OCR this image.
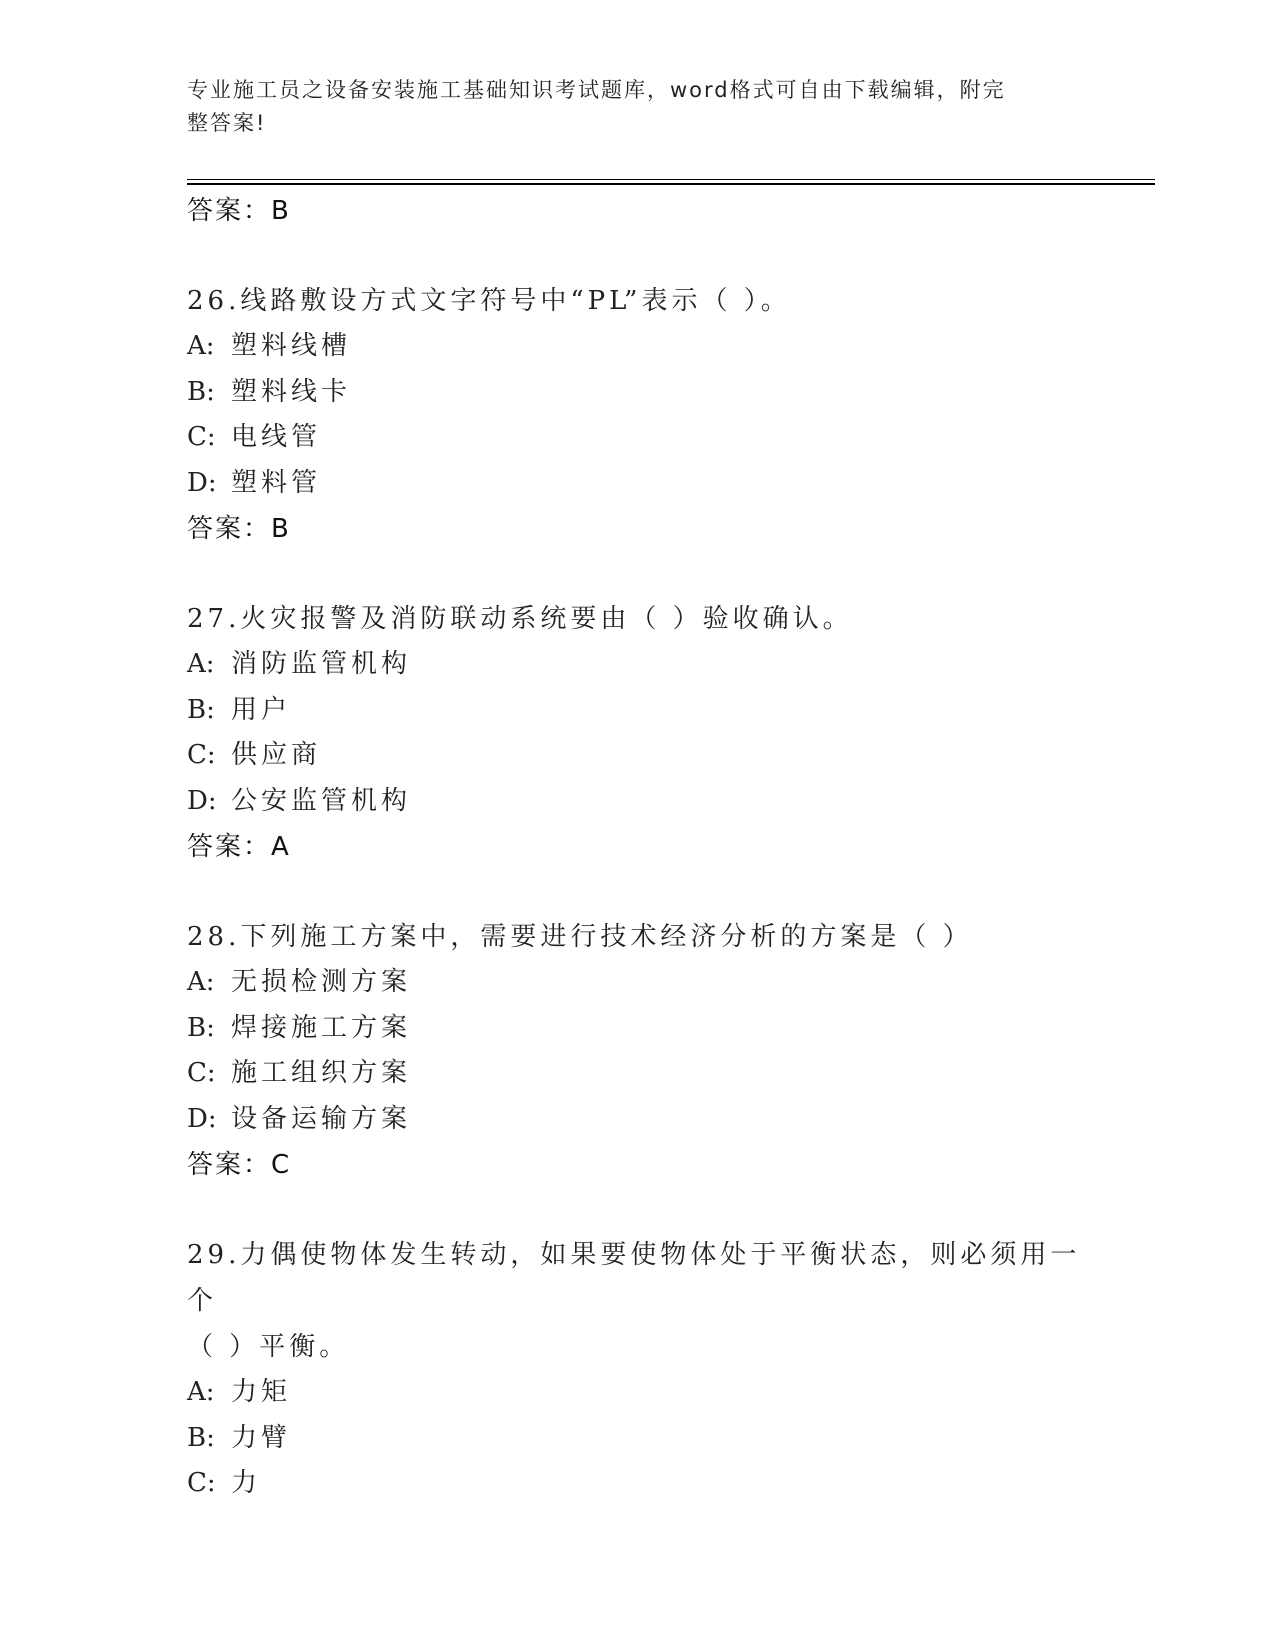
专业施工员之设备安装施工基础知识考试题库，word格式可自由下载编辑，附完
整答案!
答案：B
26.线路敷设方式文字符号中“PL”表示（ ）。
A: 塑料线槽
B: 塑料线卡
C: 电线管
D: 塑料管
答案：B
27.火灾报警及消防联动系统要由（ ）验收确认。
A: 消防监管机构
B: 用户
C: 供应商
D: 公安监管机构
答案：A
28.下列施工方案中，需要进行技术经济分析的方案是（ ）
A: 无损检测方案
B: 焊接施工方案
C: 施工组织方案
D: 设备运输方案
答案：C
29.力偶使物体发生转动，如果要使物体处于平衡状态，则必须用一个
（ ）平衡。
A: 力矩
B: 力臂
C: 力
